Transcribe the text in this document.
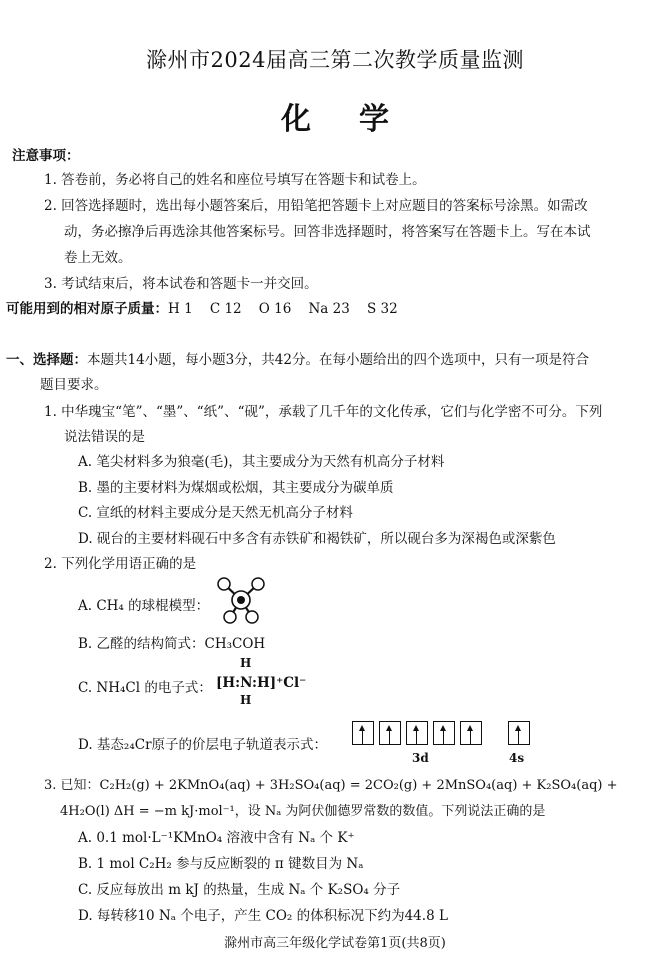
滁州市2024届高三第二次教学质量监测
化学
注意事项：
1. 答卷前，务必将自己的姓名和座位号填写在答题卡和试卷上。
2. 回答选择题时，选出每小题答案后，用铅笔把答题卡上对应题目的答案标号涂黑。如需改
动，务必擦净后再选涂其他答案标号。回答非选择题时，将答案写在答题卡上。写在本试
卷上无效。
3. 考试结束后，将本试卷和答题卡一并交回。
可能用到的相对原子质量：H 1    C 12    O 16    Na 23    S 32
一、选择题：本题共14小题，每小题3分，共42分。在每小题给出的四个选项中，只有一项是符合
题目要求。
1. 中华瑰宝“笔”、“墨”、“纸”、“砚”，承载了几千年的文化传承，它们与化学密不可分。下列
说法错误的是
A. 笔尖材料多为狼毫(毛)，其主要成分为天然有机高分子材料
B. 墨的主要材料为煤烟或松烟，其主要成分为碳单质
C. 宣纸的材料主要成分是天然无机高分子材料
D. 砚台的主要材料砚石中多含有赤铁矿和褐铁矿，所以砚台多为深褐色或深紫色
2. 下列化学用语正确的是
A. CH₄ 的球棍模型：
B. 乙醛的结构简式：CH₃COH
C. NH₄Cl 的电子式：
H
[H:N:H]⁺Cl⁻
H
D. 基态₂₄Cr原子的价层电子轨道表示式：
3d	4s
3. 已知：C₂H₂(g) + 2KMnO₄(aq) + 3H₂SO₄(aq) = 2CO₂(g) + 2MnSO₄(aq) + K₂SO₄(aq) +
4H₂O(l) ΔH = −m kJ·mol⁻¹，设 Nₐ 为阿伏伽德罗常数的数值。下列说法正确的是
A. 0.1 mol·L⁻¹KMnO₄ 溶液中含有 Nₐ 个 K⁺
B. 1 mol C₂H₂ 参与反应断裂的 π 键数目为 Nₐ
C. 反应每放出 m kJ 的热量，生成 Nₐ 个 K₂SO₄ 分子
D. 每转移10 Nₐ 个电子，产生 CO₂ 的体积标况下约为44.8 L
滁州市高三年级化学试卷第1页(共8页)
